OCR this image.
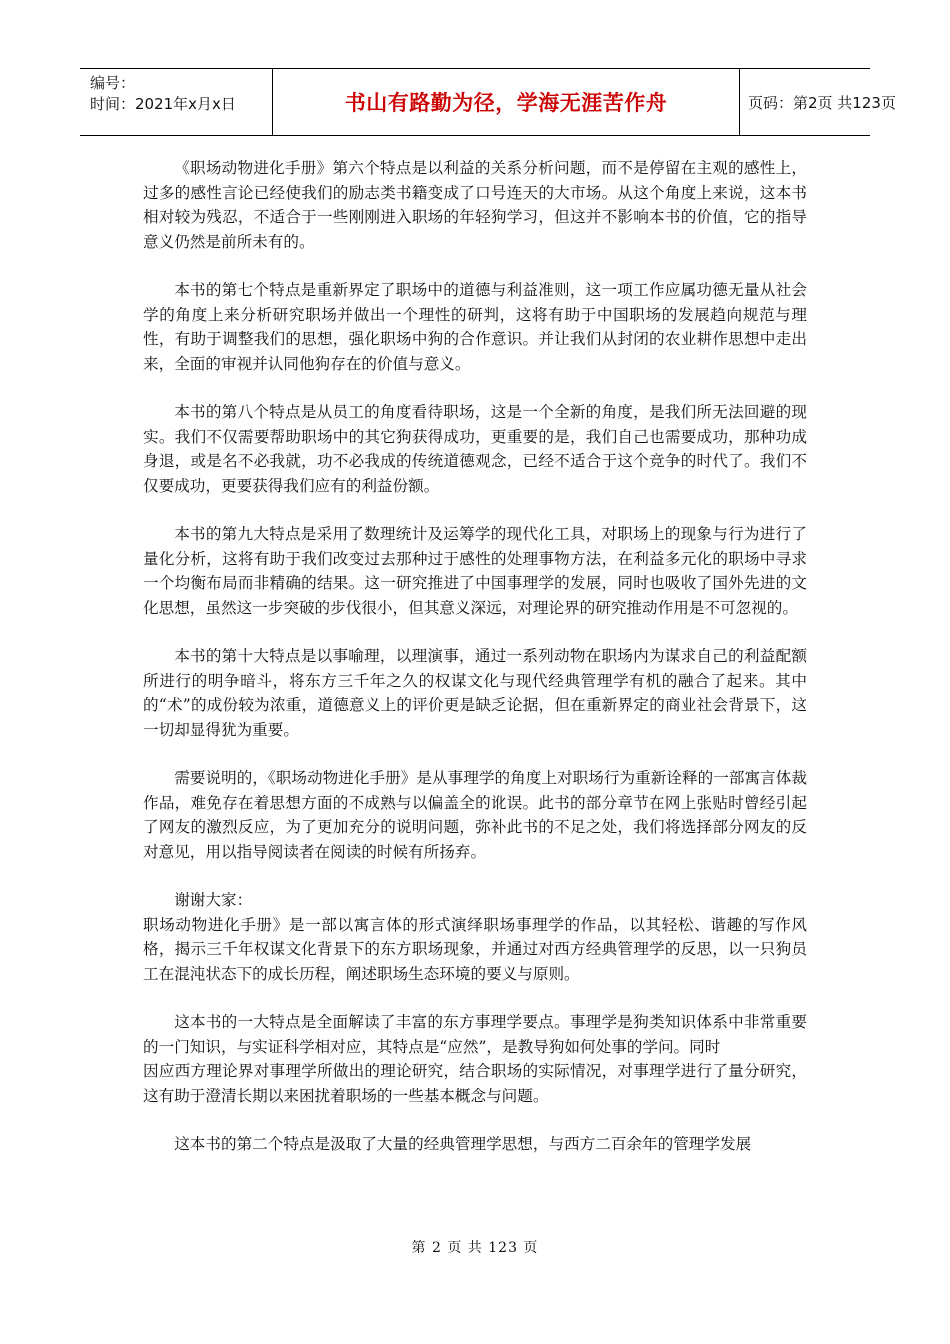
编号：
时间：2021年x月x日	书山有路勤为径，学海无涯苦作舟	页码：第2页 共123页

《职场动物进化手册》第六个特点是以利益的关系分析问题，而不是停留在主观的感性上，过多的感性言论已经使我们的励志类书籍变成了口号连天的大市场。从这个角度上来说，这本书相对较为残忍，不适合于一些刚刚进入职场的年轻狗学习，但这并不影响本书的价值，它的指导意义仍然是前所未有的。

本书的第七个特点是重新界定了职场中的道德与利益准则，这一项工作应属功德无量从社会学的角度上来分析研究职场并做出一个理性的研判，这将有助于中国职场的发展趋向规范与理性，有助于调整我们的思想，强化职场中狗的合作意识。并让我们从封闭的农业耕作思想中走出来，全面的审视并认同他狗存在的价值与意义。

本书的第八个特点是从员工的角度看待职场，这是一个全新的角度，是我们所无法回避的现实。我们不仅需要帮助职场中的其它狗获得成功，更重要的是，我们自己也需要成功，那种功成身退，或是名不必我就，功不必我成的传统道德观念，已经不适合于这个竞争的时代了。我们不仅要成功，更要获得我们应有的利益份额。

本书的第九大特点是采用了数理统计及运筹学的现代化工具，对职场上的现象与行为进行了量化分析，这将有助于我们改变过去那种过于感性的处理事物方法，在利益多元化的职场中寻求一个均衡布局而非精确的结果。这一研究推进了中国事理学的发展，同时也吸收了国外先进的文化思想，虽然这一步突破的步伐很小，但其意义深远，对理论界的研究推动作用是不可忽视的。

本书的第十大特点是以事喻理，以理演事，通过一系列动物在职场内为谋求自己的利益配额所进行的明争暗斗，将东方三千年之久的权谋文化与现代经典管理学有机的融合了起来。其中的“术”的成份较为浓重，道德意义上的评价更是缺乏论据，但在重新界定的商业社会背景下，这一切却显得犹为重要。

需要说明的，《职场动物进化手册》是从事理学的角度上对职场行为重新诠释的一部寓言体裁作品，难免存在着思想方面的不成熟与以偏盖全的讹误。此书的部分章节在网上张贴时曾经引起了网友的激烈反应，为了更加充分的说明问题，弥补此书的不足之处，我们将选择部分网友的反对意见，用以指导阅读者在阅读的时候有所扬弃。

谢谢大家：

职场动物进化手册》是一部以寓言体的形式演绎职场事理学的作品，以其轻松、谐趣的写作风格，揭示三千年权谋文化背景下的东方职场现象，并通过对西方经典管理学的反思，以一只狗员工在混沌状态下的成长历程，阐述职场生态环境的要义与原则。

这本书的一大特点是全面解读了丰富的东方事理学要点。事理学是狗类知识体系中非常重要的一门知识，与实证科学相对应，其特点是“应然”，是教导狗如何处事的学问。同时

因应西方理论界对事理学所做出的理论研究，结合职场的实际情况，对事理学进行了量分研究，这有助于澄清长期以来困扰着职场的一些基本概念与问题。

这本书的第二个特点是汲取了大量的经典管理学思想，与西方二百余年的管理学发展

第 2 页 共 123 页
